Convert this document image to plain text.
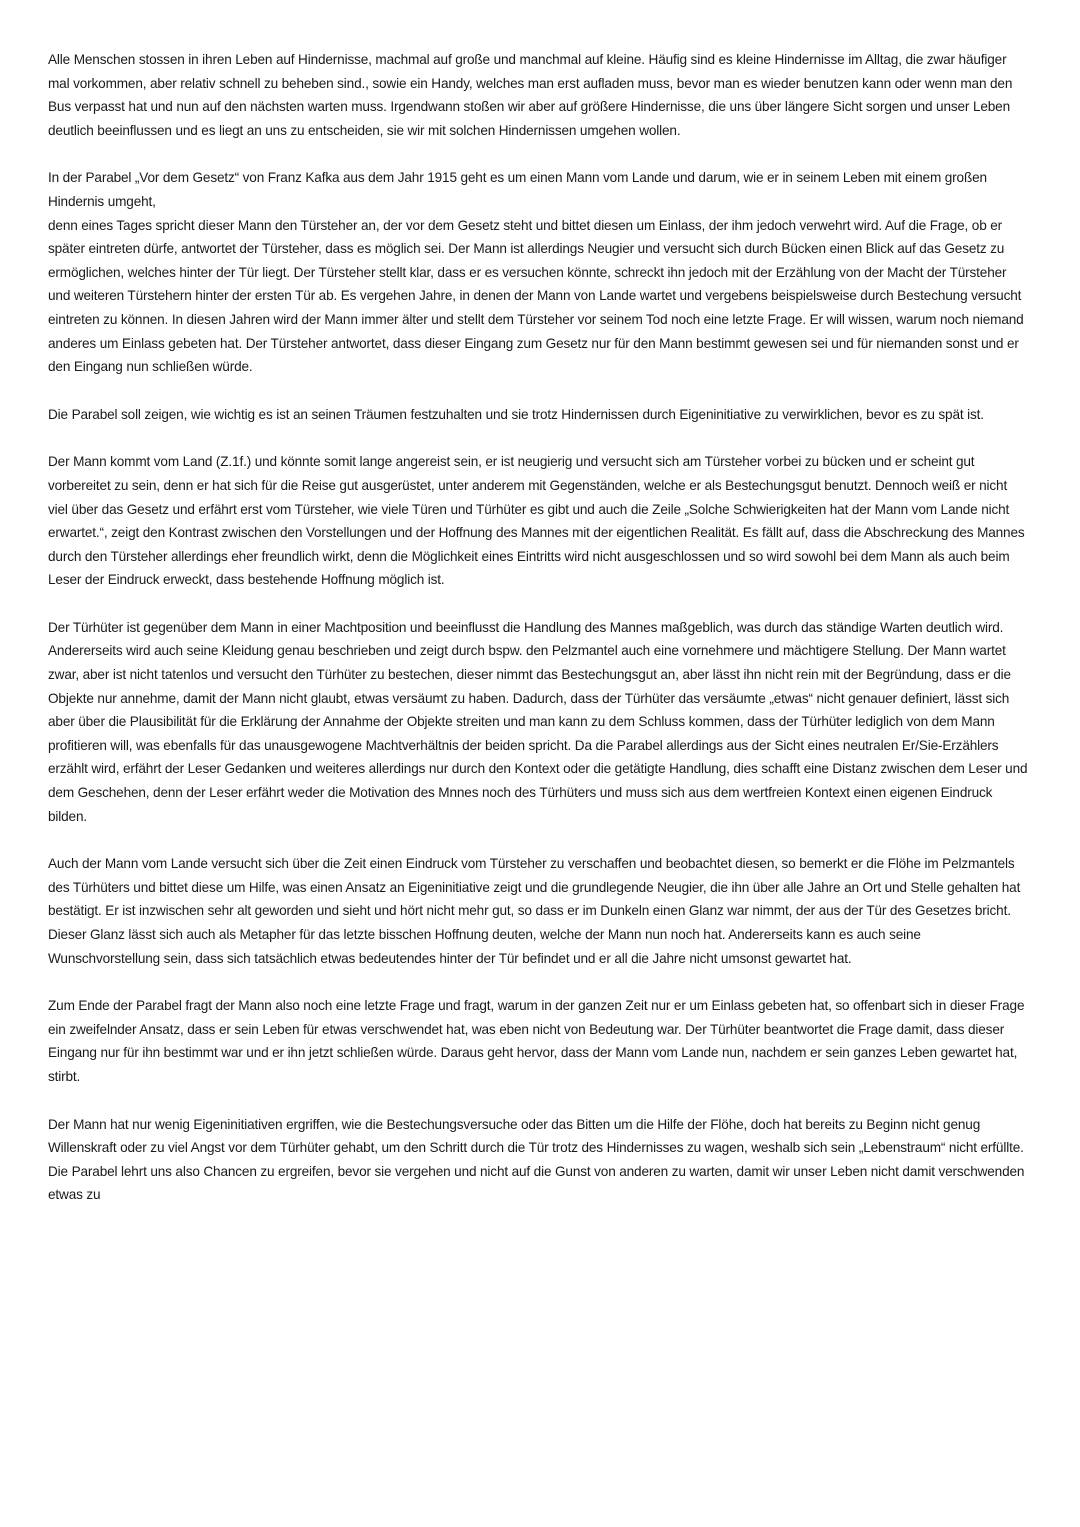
Alle Menschen stossen in ihren Leben auf Hindernisse, machmal auf große und manchmal auf kleine. Häufig sind es kleine Hindernisse im Alltag, die zwar häufiger mal vorkommen, aber relativ schnell zu beheben sind., sowie ein Handy, welches man erst aufladen muss, bevor man es wieder benutzen kann oder wenn man den Bus verpasst hat und nun auf den nächsten warten muss. Irgendwann stoßen wir aber auf größere Hindernisse, die uns über längere Sicht sorgen und unser Leben deutlich beeinflussen und es liegt an uns zu entscheiden, sie wir mit solchen Hindernissen umgehen wollen.

In der Parabel „Vor dem Gesetz“ von Franz Kafka aus dem Jahr 1915 geht es um einen Mann vom Lande und darum, wie er in seinem Leben mit einem großen Hindernis umgeht,
denn eines Tages spricht dieser Mann den Türsteher an, der vor dem Gesetz steht und bittet diesen um Einlass, der ihm jedoch verwehrt wird. Auf die Frage, ob er später eintreten dürfe, antwortet der Türsteher, dass es möglich sei. Der Mann ist allerdings Neugier und versucht sich durch Bücken einen Blick auf das Gesetz zu ermöglichen, welches hinter der Tür liegt. Der Türsteher stellt klar, dass er es versuchen könnte, schreckt ihn jedoch mit der Erzählung von der Macht der Türsteher und weiteren Türstehern hinter der ersten Tür ab. Es vergehen Jahre, in denen der Mann von Lande wartet und vergebens beispielsweise durch Bestechung versucht eintreten zu können. In diesen Jahren wird der Mann immer älter und stellt dem Türsteher vor seinem Tod noch eine letzte Frage. Er will wissen, warum noch niemand anderes um Einlass gebeten hat. Der Türsteher antwortet, dass dieser Eingang zum Gesetz nur für den Mann bestimmt gewesen sei und für niemanden sonst und er den Eingang nun schließen würde.

Die Parabel soll zeigen, wie wichtig es ist an seinen Träumen festzuhalten und sie trotz Hindernissen durch Eigeninitiative zu verwirklichen, bevor es zu spät ist.

Der Mann kommt vom Land (Z.1f.) und könnte somit lange angereist sein, er ist neugierig und versucht sich am Türsteher vorbei zu bücken und er scheint gut vorbereitet zu sein, denn er hat sich für die Reise gut ausgerüstet, unter anderem mit Gegenständen, welche er als Bestechungsgut benutzt. Dennoch weiß er nicht viel über das Gesetz und erfährt erst vom Türsteher, wie viele Türen und Türhüter es gibt und auch die Zeile „Solche Schwierigkeiten hat der Mann vom Lande nicht erwartet.“, zeigt den Kontrast zwischen den Vorstellungen und der Hoffnung des Mannes mit der eigentlichen Realität. Es fällt auf, dass die Abschreckung des Mannes durch den Türsteher allerdings eher freundlich wirkt, denn die Möglichkeit eines Eintritts wird nicht ausgeschlossen und so wird sowohl bei dem Mann als auch beim Leser der Eindruck erweckt, dass bestehende Hoffnung möglich ist.

Der Türhüter ist gegenüber dem Mann in einer Machtposition und beeinflusst die Handlung des Mannes maßgeblich, was durch das ständige Warten deutlich wird. Andererseits wird auch seine Kleidung genau beschrieben und zeigt durch bspw. den Pelzmantel auch eine vornehmere und mächtigere Stellung. Der Mann wartet zwar, aber ist nicht tatenlos und versucht den Türhüter zu bestechen, dieser nimmt das Bestechungsgut an, aber lässt ihn nicht rein mit der Begründung, dass er die Objekte nur annehme, damit der Mann nicht glaubt, etwas versäumt zu haben. Dadurch, dass der Türhüter das versäumte „etwas“ nicht genauer definiert, lässt sich aber über die Plausibilität für die Erklärung der Annahme der Objekte streiten und man kann zu dem Schluss kommen, dass der Türhüter lediglich von dem Mann profitieren will, was ebenfalls für das unausgewogene Machtverhältnis der beiden spricht. Da die Parabel allerdings aus der Sicht eines neutralen Er/Sie-Erzählers erzählt wird, erfährt der Leser Gedanken und weiteres allerdings nur durch den Kontext oder die getätigte Handlung, dies schafft eine Distanz zwischen dem Leser und dem Geschehen, denn der Leser erfährt weder die Motivation des Mnnes noch des Türhüters und muss sich aus dem wertfreien Kontext einen eigenen Eindruck bilden.

Auch der Mann vom Lande versucht sich über die Zeit einen Eindruck vom Türsteher zu verschaffen und beobachtet diesen, so bemerkt er die Flöhe im Pelzmantels des Türhüters und bittet diese um Hilfe, was einen Ansatz an Eigeninitiative zeigt und die grundlegende Neugier, die ihn über alle Jahre an Ort und Stelle gehalten hat bestätigt. Er ist inzwischen sehr alt geworden und sieht und hört nicht mehr gut, so dass er im Dunkeln einen Glanz war nimmt, der aus der Tür des Gesetzes bricht. Dieser Glanz lässt sich auch als Metapher für das letzte bisschen Hoffnung deuten, welche der Mann nun noch hat. Andererseits kann es auch seine Wunschvorstellung sein, dass sich tatsächlich etwas bedeutendes hinter der Tür befindet und er all die Jahre nicht umsonst gewartet hat.

Zum Ende der Parabel fragt der Mann also noch eine letzte Frage und fragt, warum in der ganzen Zeit nur er um Einlass gebeten hat, so offenbart sich in dieser Frage ein zweifelnder Ansatz, dass er sein Leben für etwas verschwendet hat, was eben nicht von Bedeutung war. Der Türhüter beantwortet die Frage damit, dass dieser Eingang nur für ihn bestimmt war und er ihn jetzt schließen würde. Daraus geht hervor, dass der Mann vom Lande nun, nachdem er sein ganzes Leben gewartet hat, stirbt.

Der Mann hat nur wenig Eigeninitiativen ergriffen, wie die Bestechungsversuche oder das Bitten um die Hilfe der Flöhe, doch hat bereits zu Beginn nicht genug Willenskraft oder zu viel Angst vor dem Türhüter gehabt, um den Schritt durch die Tür trotz des Hindernisses zu wagen, weshalb sich sein „Lebenstraum“ nicht erfüllte. Die Parabel lehrt uns also Chancen zu ergreifen, bevor sie vergehen und nicht auf die Gunst von anderen zu warten, damit wir unser Leben nicht damit verschwenden etwas zu
